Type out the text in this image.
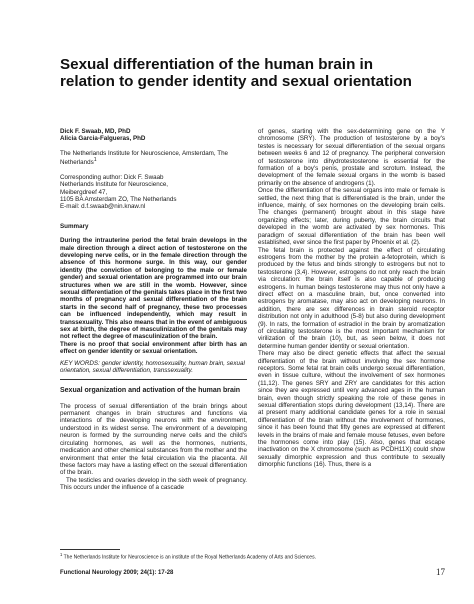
Sexual differentiation of the human brain in relation to gender identity and sexual orientation
Dick F. Swaab, MD, PhD
Alicia Garcia-Falgueras, PhD

The Netherlands Institute for Neuroscience, Amsterdam, The Netherlands$^1$

Corresponding author: Dick F. Swaab
Netherlands Institute for Neuroscience,
Meibergdreef 47,
1105 BA Amsterdam ZO, The Netherlands
E-mail: d.f.swaab@nin.knaw.nl
Summary

During the intrauterine period the fetal brain develops in the male direction through a direct action of testosterone on the developing nerve cells, or in the female direction through the absence of this hormone surge. In this way, our gender identity (the conviction of belonging to the male or female gender) and sexual orientation are programmed into our brain structures when we are still in the womb. However, since sexual differentiation of the genitals takes place in the first two months of pregnancy and sexual differentiation of the brain starts in the second half of pregnancy, these two processes can be influenced independently, which may result in transsexuality. This also means that in the event of ambiguous sex at birth, the degree of masculinization of the genitals may not reflect the degree of masculinization of the brain.

There is no proof that social environment after birth has an effect on gender identity or sexual orientation.

KEY WORDS: gender identity, homosexuality, human brain, sexual orientation, sexual differentiation, transsexuality.

Sexual organization and activation of the human brain

The process of sexual differentiation of the brain brings about permanent changes in brain structures and functions via interactions of the developing neurons with the environment, understood in its widest sense. The environment of a developing neuron is formed by the surrounding nerve cells and the child's circulating hormones, as well as the hormones, nutrients, medication and other chemical substances from the mother and the environment that enter the fetal circulation via the placenta. All these factors may have a lasting effect on the sexual differentiation of the brain.

The testicles and ovaries develop in the sixth week of pregnancy. This occurs under the influence of a cascade

of genes, starting with the sex-determining gene on the Y chromosome (SRY). The production of testosterone by a boy's testes is necessary for sexual differentiation of the sexual organs between weeks 6 and 12 of pregnancy. The peripheral conversion of testosterone into dihydrotestosterone is essential for the formation of a boy's penis, prostate and scrotum. Instead, the development of the female sexual organs in the womb is based primarily on the absence of androgens (1).

Once the differentiation of the sexual organs into male or female is settled, the next thing that is differentiated is the brain, under the influence, mainly, of sex hormones on the developing brain cells. The changes (permanent) brought about in this stage have organizing effects; later, during puberty, the brain circuits that developed in the womb are activated by sex hormones. This paradigm of sexual differentiation of the brain has been well established, ever since the first paper by Phoenix et al. (2).

The fetal brain is protected against the effect of circulating estrogens from the mother by the protein a-fetoprotein, which is produced by the fetus and binds strongly to estrogens but not to testosterone (3,4). However, estrogens do not only reach the brain via circulation: the brain itself is also capable of producing estrogens. In human beings testosterone may thus not only have a direct effect on a masculine brain, but, once converted into estrogens by aromatase, may also act on developing neurons. In addition, there are sex differences in brain steroid receptor distribution not only in adulthood (5-8) but also during development (9). In rats, the formation of estradiol in the brain by aromatization of circulating testosterone is the most important mechanism for virilization of the brain (10), but, as seen below, it does not determine human gender identity or sexual orientation.

There may also be direct genetic effects that affect the sexual differentiation of the brain without involving the sex hormone receptors. Some fetal rat brain cells undergo sexual differentiation, even in tissue culture, without the involvement of sex hormones (11,12). The genes SRY and ZRY are candidates for this action since they are expressed until very advanced ages in the human brain, even though strictly speaking the role of these genes in sexual differentiation stops during development (13,14). There are at present many additional candidate genes for a role in sexual differentiation of the brain without the involvement of hormones, since it has been found that fifty genes are expressed at different levels in the brains of male and female mouse fetuses, even before the hormones come into play (15). Also, genes that escape inactivation on the X chromosome (such as PCDH11X) could show sexually dimorphic expression and thus contribute to sexually dimorphic functions (16). Thus, there is a

$^1$ The Netherlands Institute for Neuroscience is an institute of the Royal Netherlands Academy of Arts and Sciences.
Functional Neurology 2009; 24(1): 17-28	17
